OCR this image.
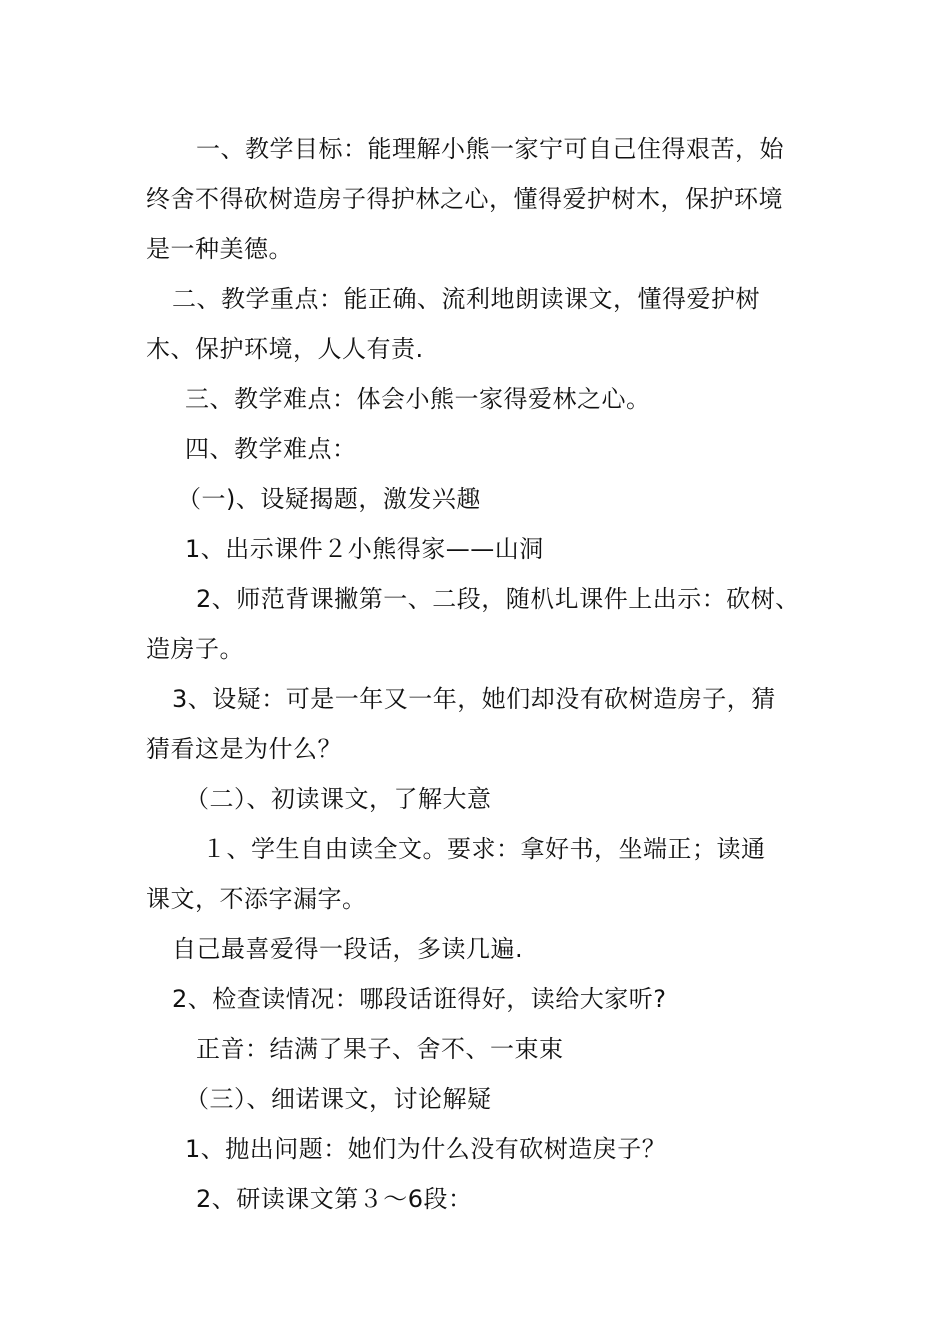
一、教学目标：能理解小熊一家宁可自己住得艰苦，始
终舍不得砍树造房子得护林之心，懂得爱护树木，保护环境
是一种美德。
二、教学重点：能正确、流利地朗读课文，懂得爱护树
木、保护环境，人人有责.
三、教学难点：体会小熊一家得爱林之心。
四、教学难点：
（一)、设疑揭题，激发兴趣
1、出示课件２小熊得家——山洞
2、师范背课撇第一、二段，随朳圠课件上出示：砍树、
造房子。
3、设疑：可是一年又一年，她们却没有砍树造房子，猜
猜看这是为什么？
（二）、初读课文，了解大意
１、学生自由读全文。要求：拿好书，坐端正；读通
课文，不添字漏字。
自己最喜爱得一段话，多读几遍.
2、检查读情况：哪段话诳得好，读给大家听?
正音：结满了果子、舍不、一束束
（三）、细诺课文，讨论解疑
1、抛出问题：她们为什么没有砍树造戾子？
2、研读课文第３～6段：
